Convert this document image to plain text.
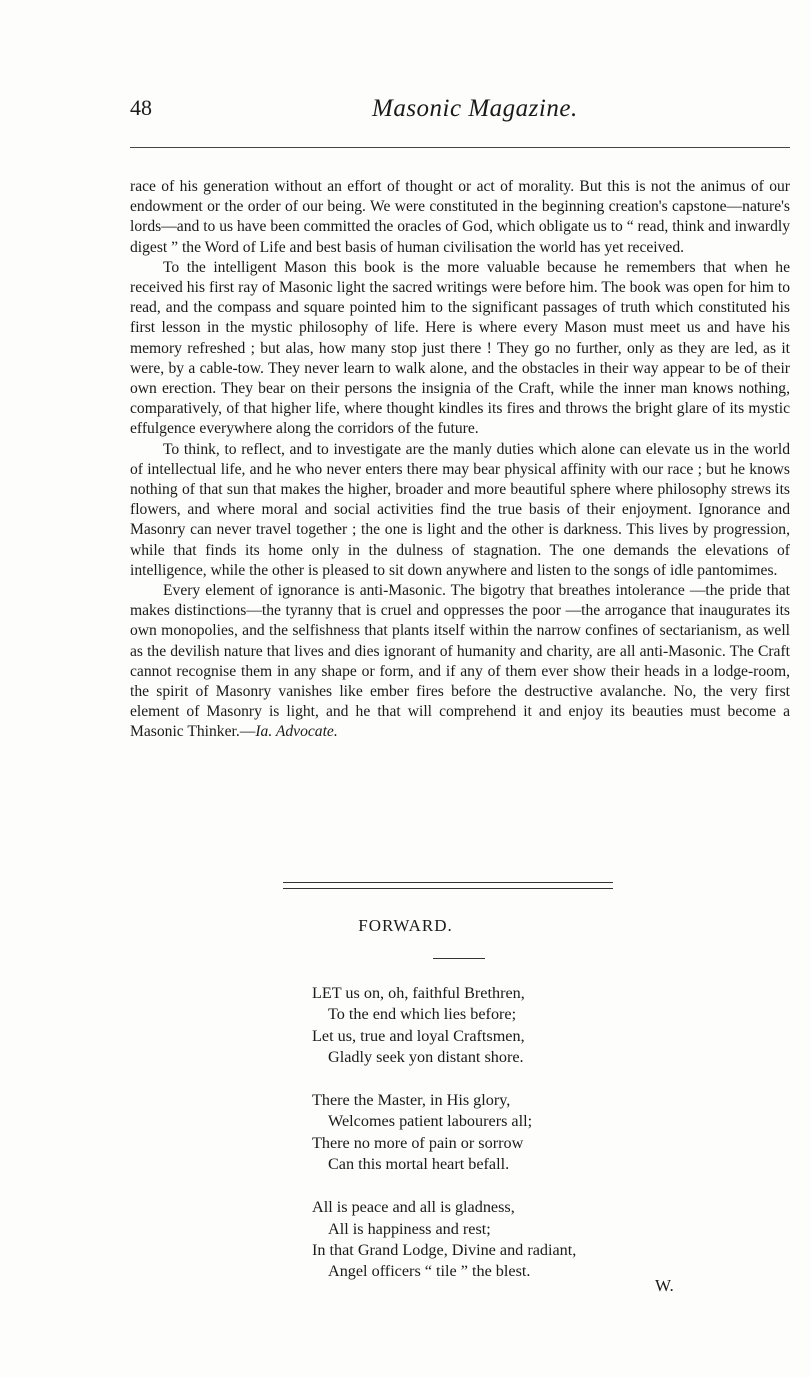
48	Masonic Magazine.

race of his generation without an effort of thought or act of morality. But this is not the animus of our endowment or the order of our being. We were constituted in the beginning creation's capstone—nature's lords—and to us have been committed the oracles of God, which obligate us to “ read, think and inwardly digest ” the Word of Life and best basis of human civilisation the world has yet received.

To the intelligent Mason this book is the more valuable because he remembers that when he received his first ray of Masonic light the sacred writings were before him. The book was open for him to read, and the compass and square pointed him to the significant passages of truth which constituted his first lesson in the mystic philosophy of life. Here is where every Mason must meet us and have his memory refreshed ; but alas, how many stop just there ! They go no further, only as they are led, as it were, by a cable-tow. They never learn to walk alone, and the obstacles in their way appear to be of their own erection. They bear on their persons the insignia of the Craft, while the inner man knows nothing, comparatively, of that higher life, where thought kindles its fires and throws the bright glare of its mystic effulgence everywhere along the corridors of the future.

To think, to reflect, and to investigate are the manly duties which alone can elevate us in the world of intellectual life, and he who never enters there may bear physical affinity with our race ; but he knows nothing of that sun that makes the higher, broader and more beautiful sphere where philosophy strews its flowers, and where moral and social activities find the true basis of their enjoyment. Ignorance and Masonry can never travel together ; the one is light and the other is darkness. This lives by progression, while that finds its home only in the dulness of stagnation. The one demands the elevations of intelligence, while the other is pleased to sit down anywhere and listen to the songs of idle pantomimes.

Every element of ignorance is anti-Masonic. The bigotry that breathes intolerance —the pride that makes distinctions—the tyranny that is cruel and oppresses the poor —the arrogance that inaugurates its own monopolies, and the selfishness that plants itself within the narrow confines of sectarianism, as well as the devilish nature that lives and dies ignorant of humanity and charity, are all anti-Masonic. The Craft cannot recognise them in any shape or form, and if any of them ever show their heads in a lodge-room, the spirit of Masonry vanishes like ember fires before the destructive avalanche. No, the very first element of Masonry is light, and he that will comprehend it and enjoy its beauties must become a Masonic Thinker.—Ia. Advocate.

FORWARD.
LET us on, oh, faithful Brethren,
To the end which lies before;
Let us, true and loyal Craftsmen,
Gladly seek yon distant shore.
There the Master, in His glory,
Welcomes patient labourers all;
There no more of pain or sorrow
Can this mortal heart befall.
All is peace and all is gladness,
All is happiness and rest;
In that Grand Lodge, Divine and radiant,
Angel officers “ tile ” the blest.
W.
